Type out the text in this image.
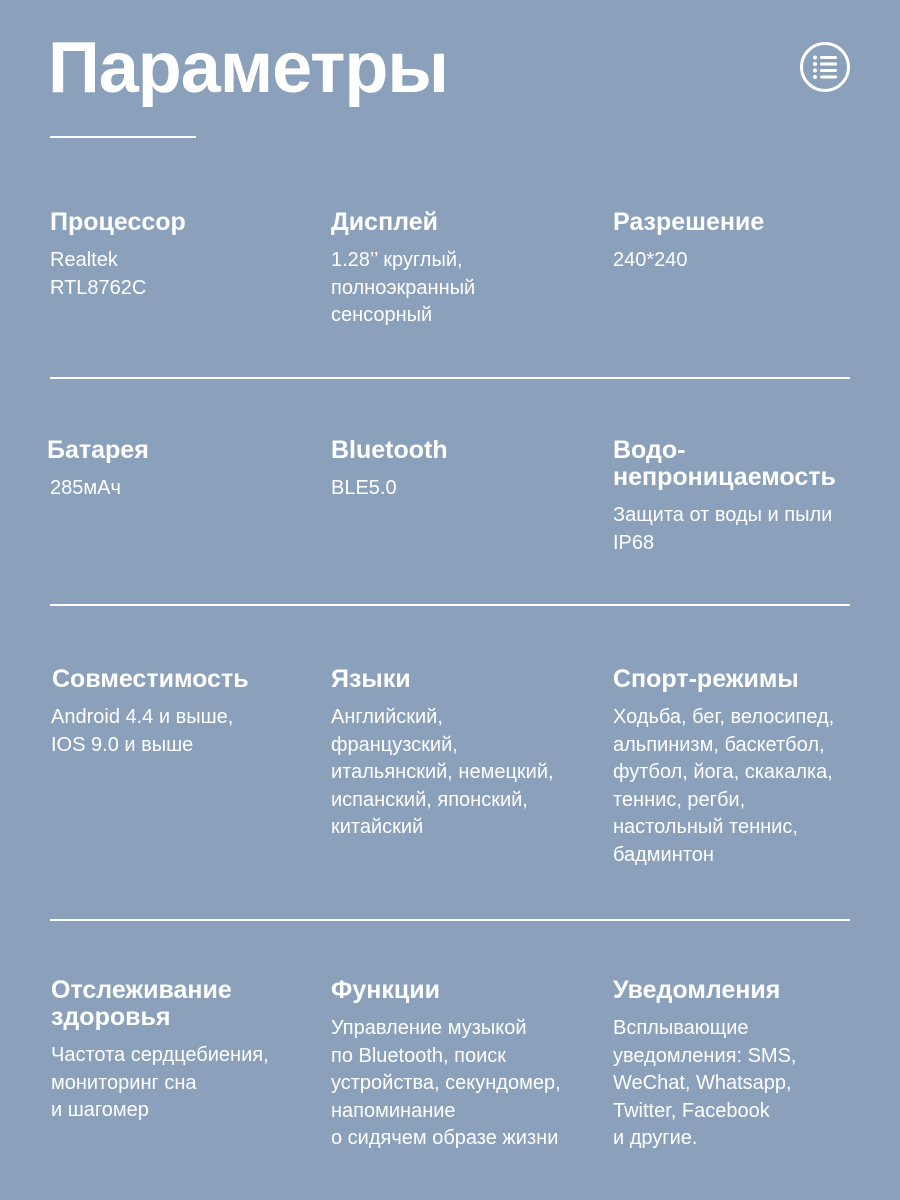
Параметры
Процессор
Realtek
RTL8762C
Дисплей
1.28’’ круглый,
полноэкранный
сенсорный
Разрешение
240*240
Батарея
285мАч
Bluetooth
BLE5.0
Водо-
непроницаемость
Защита от воды и пыли
IP68
Совместимость
Android 4.4 и выше,
IOS 9.0 и выше
Языки
Английский,
французский,
итальянский, немецкий,
испанский, японский,
китайский
Спорт-режимы
Ходьба, бег, велосипед,
альпинизм, баскетбол,
футбол, йога, скакалка,
теннис, регби,
настольный теннис,
бадминтон
Отслеживание
здоровья
Частота сердцебиения,
мониторинг сна
и шагомер
Функции
Управление музыкой
по Bluetooth, поиск
устройства, секундомер,
напоминание
о сидячем образе жизни
Уведомления
Всплывающие
уведомления: SMS,
WeChat, Whatsapp,
Twitter, Facebook
и другие.
